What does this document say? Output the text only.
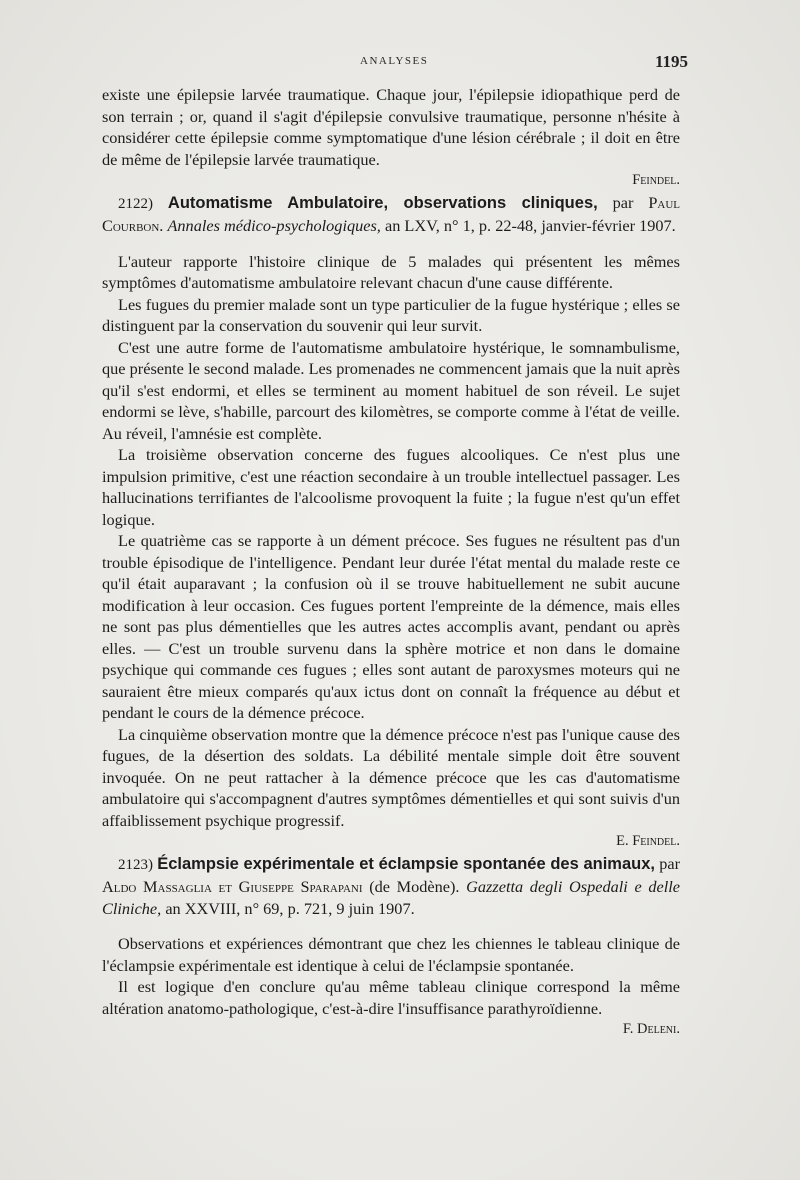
ANALYSES	1195

existe une épilepsie larvée traumatique. Chaque jour, l'épilepsie idiopathique perd de son terrain ; or, quand il s'agit d'épilepsie convulsive traumatique, personne n'hésite à considérer cette épilepsie comme symptomatique d'une lésion cérébrale ; il doit en être de même de l'épilepsie larvée traumatique.

Feindel.

2122) Automatisme Ambulatoire, observations cliniques, par Paul Courbon. Annales médico-psychologiques, an LXV, n° 1, p. 22-48, janvier-février 1907.

L'auteur rapporte l'histoire clinique de 5 malades qui présentent les mêmes symptômes d'automatisme ambulatoire relevant chacun d'une cause différente.

Les fugues du premier malade sont un type particulier de la fugue hystérique ; elles se distinguent par la conservation du souvenir qui leur survit.

C'est une autre forme de l'automatisme ambulatoire hystérique, le somnambulisme, que présente le second malade. Les promenades ne commencent jamais que la nuit après qu'il s'est endormi, et elles se terminent au moment habituel de son réveil. Le sujet endormi se lève, s'habille, parcourt des kilomètres, se comporte comme à l'état de veille. Au réveil, l'amnésie est complète.

La troisième observation concerne des fugues alcooliques. Ce n'est plus une impulsion primitive, c'est une réaction secondaire à un trouble intellectuel passager. Les hallucinations terrifiantes de l'alcoolisme provoquent la fuite ; la fugue n'est qu'un effet logique.

Le quatrième cas se rapporte à un dément précoce. Ses fugues ne résultent pas d'un trouble épisodique de l'intelligence. Pendant leur durée l'état mental du malade reste ce qu'il était auparavant ; la confusion où il se trouve habituellement ne subit aucune modification à leur occasion. Ces fugues portent l'empreinte de la démence, mais elles ne sont pas plus démentielles que les autres actes accomplis avant, pendant ou après elles. — C'est un trouble survenu dans la sphère motrice et non dans le domaine psychique qui commande ces fugues ; elles sont autant de paroxysmes moteurs qui ne sauraient être mieux comparés qu'aux ictus dont on connaît la fréquence au début et pendant le cours de la démence précoce.

La cinquième observation montre que la démence précoce n'est pas l'unique cause des fugues, de la désertion des soldats. La débilité mentale simple doit être souvent invoquée. On ne peut rattacher à la démence précoce que les cas d'automatisme ambulatoire qui s'accompagnent d'autres symptômes démentielles et qui sont suivis d'un affaiblissement psychique progressif.

E. Feindel.

2123) Éclampsie expérimentale et éclampsie spontanée des animaux, par Aldo Massaglia et Giuseppe Sparapani (de Modène). Gazzetta degli Ospedali e delle Cliniche, an XXVIII, n° 69, p. 721, 9 juin 1907.

Observations et expériences démontrant que chez les chiennes le tableau clinique de l'éclampsie expérimentale est identique à celui de l'éclampsie spontanée.

Il est logique d'en conclure qu'au même tableau clinique correspond la même altération anatomo-pathologique, c'est-à-dire l'insuffisance parathyroïdienne.

F. Deleni.
